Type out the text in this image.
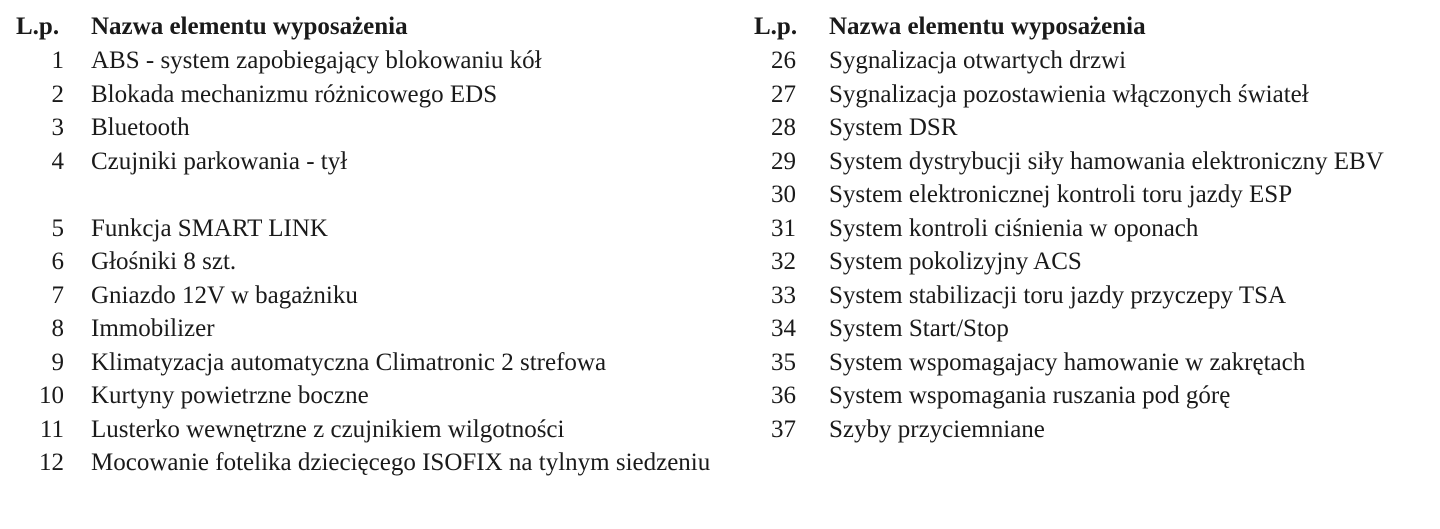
L.p.	Nazwa elementu wyposażenia
1	ABS - system zapobiegający blokowaniu kół
2	Blokada mechanizmu różnicowego EDS
3	Bluetooth
4	Czujniki parkowania - tył
5	Funkcja SMART LINK
6	Głośniki 8 szt.
7	Gniazdo 12V w bagażniku
8	Immobilizer
9	Klimatyzacja automatyczna Climatronic 2 strefowa
10	Kurtyny powietrzne boczne
11	Lusterko wewnętrzne z czujnikiem wilgotności
12	Mocowanie fotelika dziecięcego ISOFIX na tylnym siedzeniu
L.p.	Nazwa elementu wyposażenia
26	Sygnalizacja otwartych drzwi
27	Sygnalizacja pozostawienia włączonych świateł
28	System DSR
29	System dystrybucji siły hamowania elektroniczny EBV
30	System elektronicznej kontroli toru jazdy ESP
31	System kontroli ciśnienia w oponach
32	System pokolizyjny ACS
33	System stabilizacji toru jazdy przyczepy TSA
34	System Start/Stop
35	System wspomagajacy hamowanie w zakrętach
36	System wspomagania ruszania pod górę
37	Szyby przyciemniane
